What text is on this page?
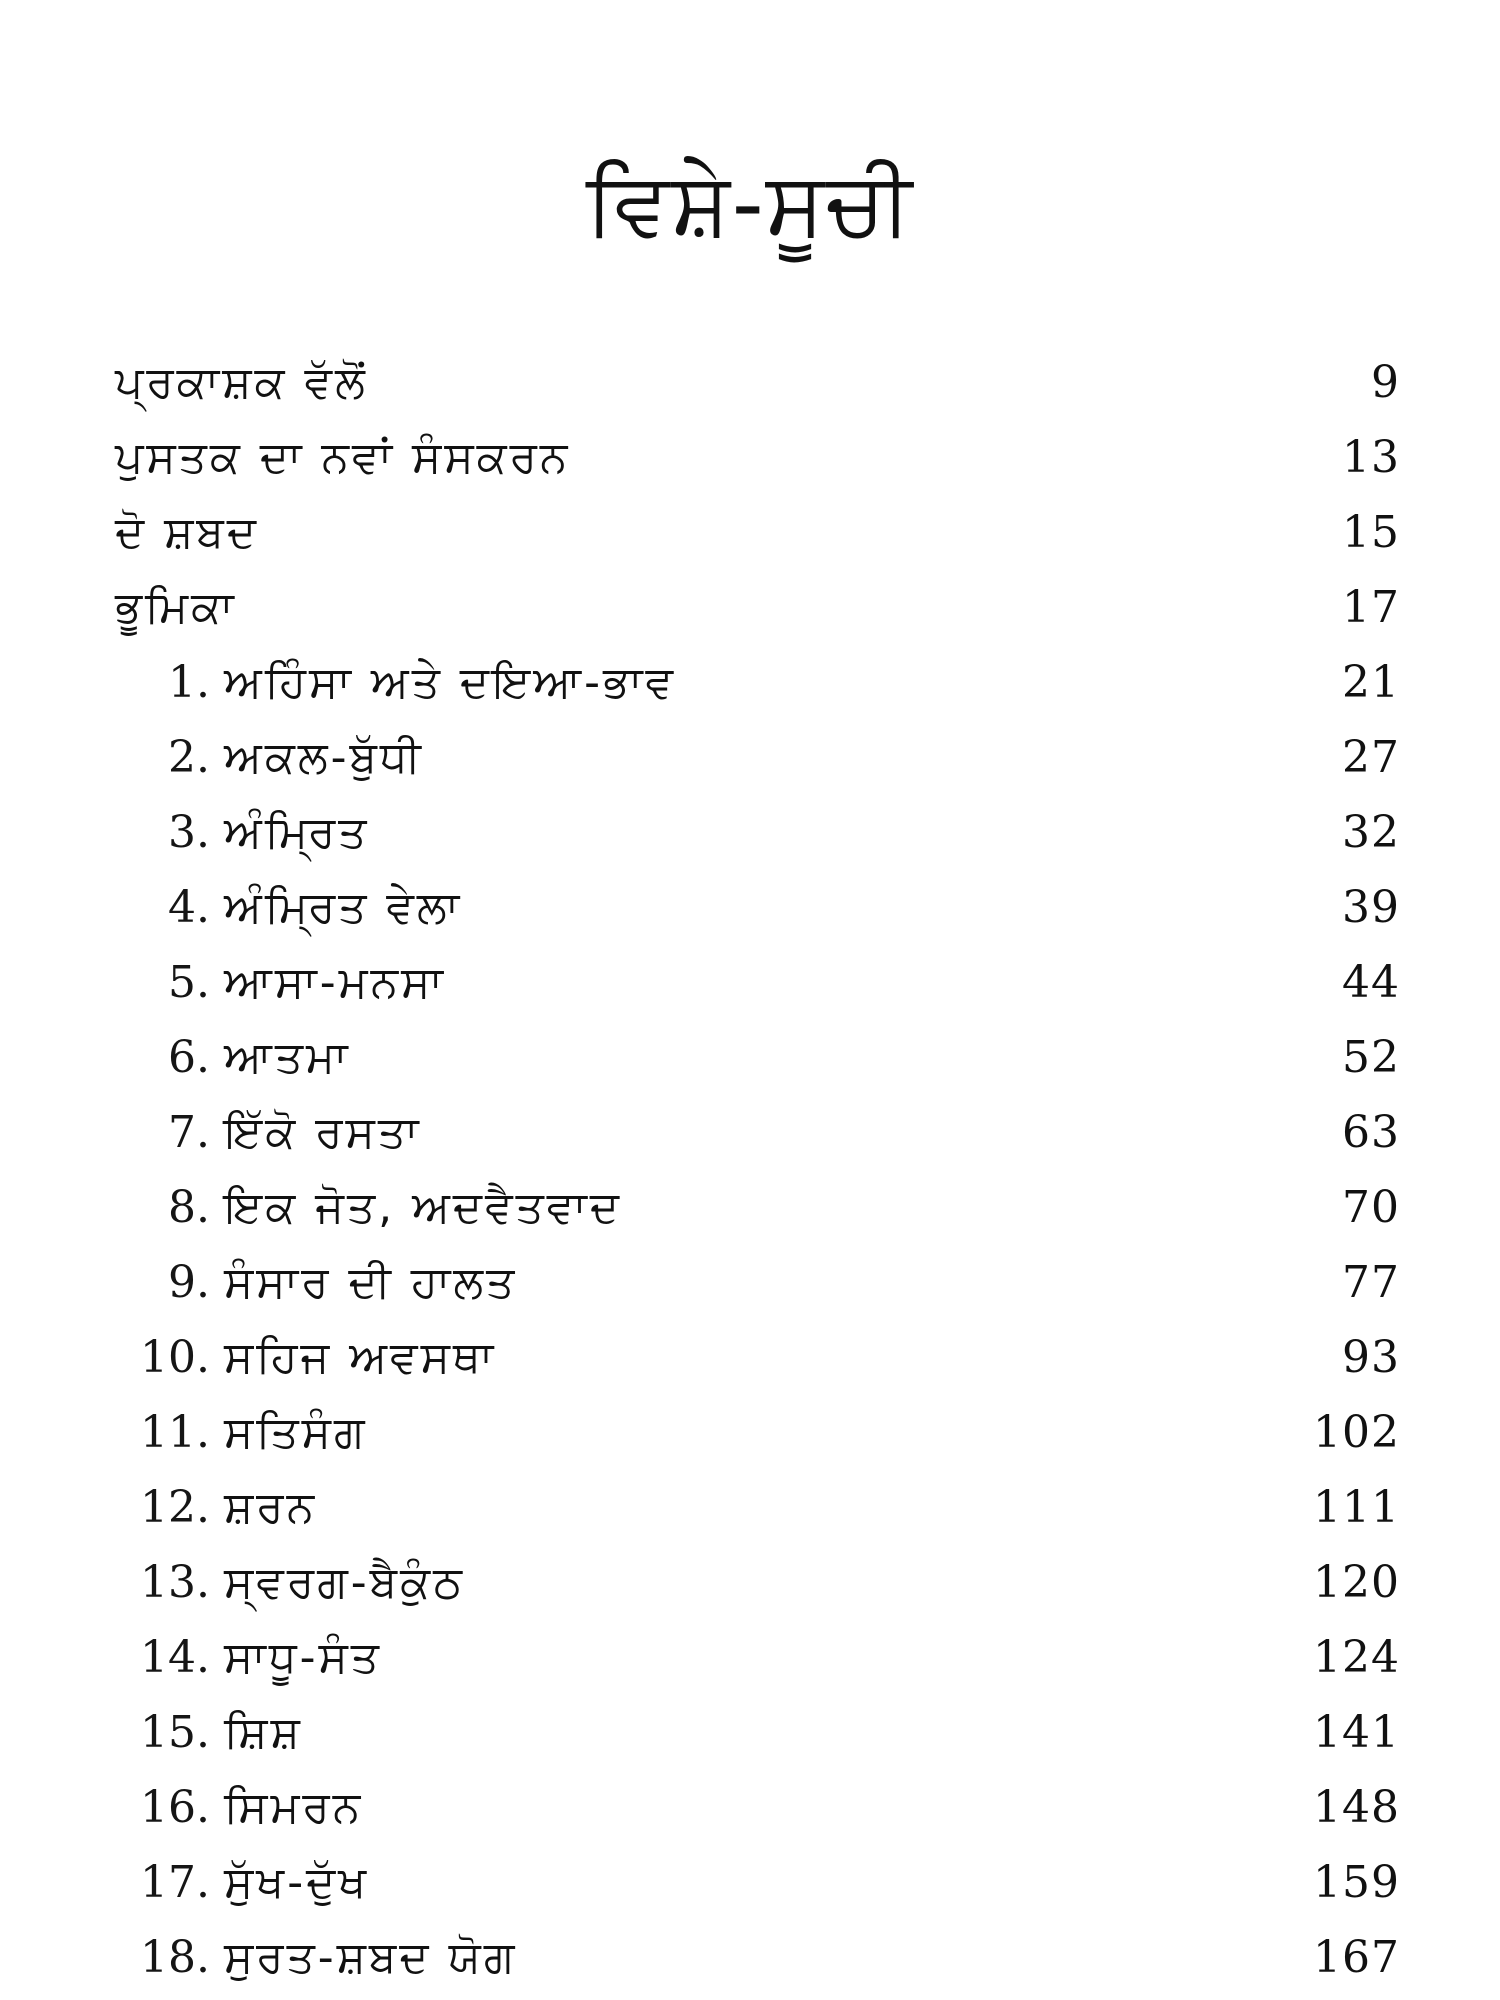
ਵਿਸ਼ੇ-ਸੂਚੀ
ਪ੍ਰਕਾਸ਼ਕ ਵੱਲੋਂ	9
ਪੁਸਤਕ ਦਾ ਨਵਾਂ ਸੰਸਕਰਨ	13
ਦੋ ਸ਼ਬਦ	15
ਭੂਮਿਕਾ	17
1. ਅਹਿੰਸਾ ਅਤੇ ਦਇਆ-ਭਾਵ	21
2. ਅਕਲ-ਬੁੱਧੀ	27
3. ਅੰਮ੍ਰਿਤ	32
4. ਅੰਮ੍ਰਿਤ ਵੇਲਾ	39
5. ਆਸਾ-ਮਨਸਾ	44
6. ਆਤਮਾ	52
7. ਇੱਕੋ ਰਸਤਾ	63
8. ਇਕ ਜੋਤ, ਅਦਵੈਤਵਾਦ	70
9. ਸੰਸਾਰ ਦੀ ਹਾਲਤ	77
10. ਸਹਿਜ ਅਵਸਥਾ	93
11. ਸਤਿਸੰਗ	102
12. ਸ਼ਰਨ	111
13. ਸ੍ਵਰਗ-ਬੈਕੁੰਠ	120
14. ਸਾਧੂ-ਸੰਤ	124
15. ਸ਼ਿਸ਼	141
16. ਸਿਮਰਨ	148
17. ਸੁੱਖ-ਦੁੱਖ	159
18. ਸੁਰਤ-ਸ਼ਬਦ ਯੋਗ	167
